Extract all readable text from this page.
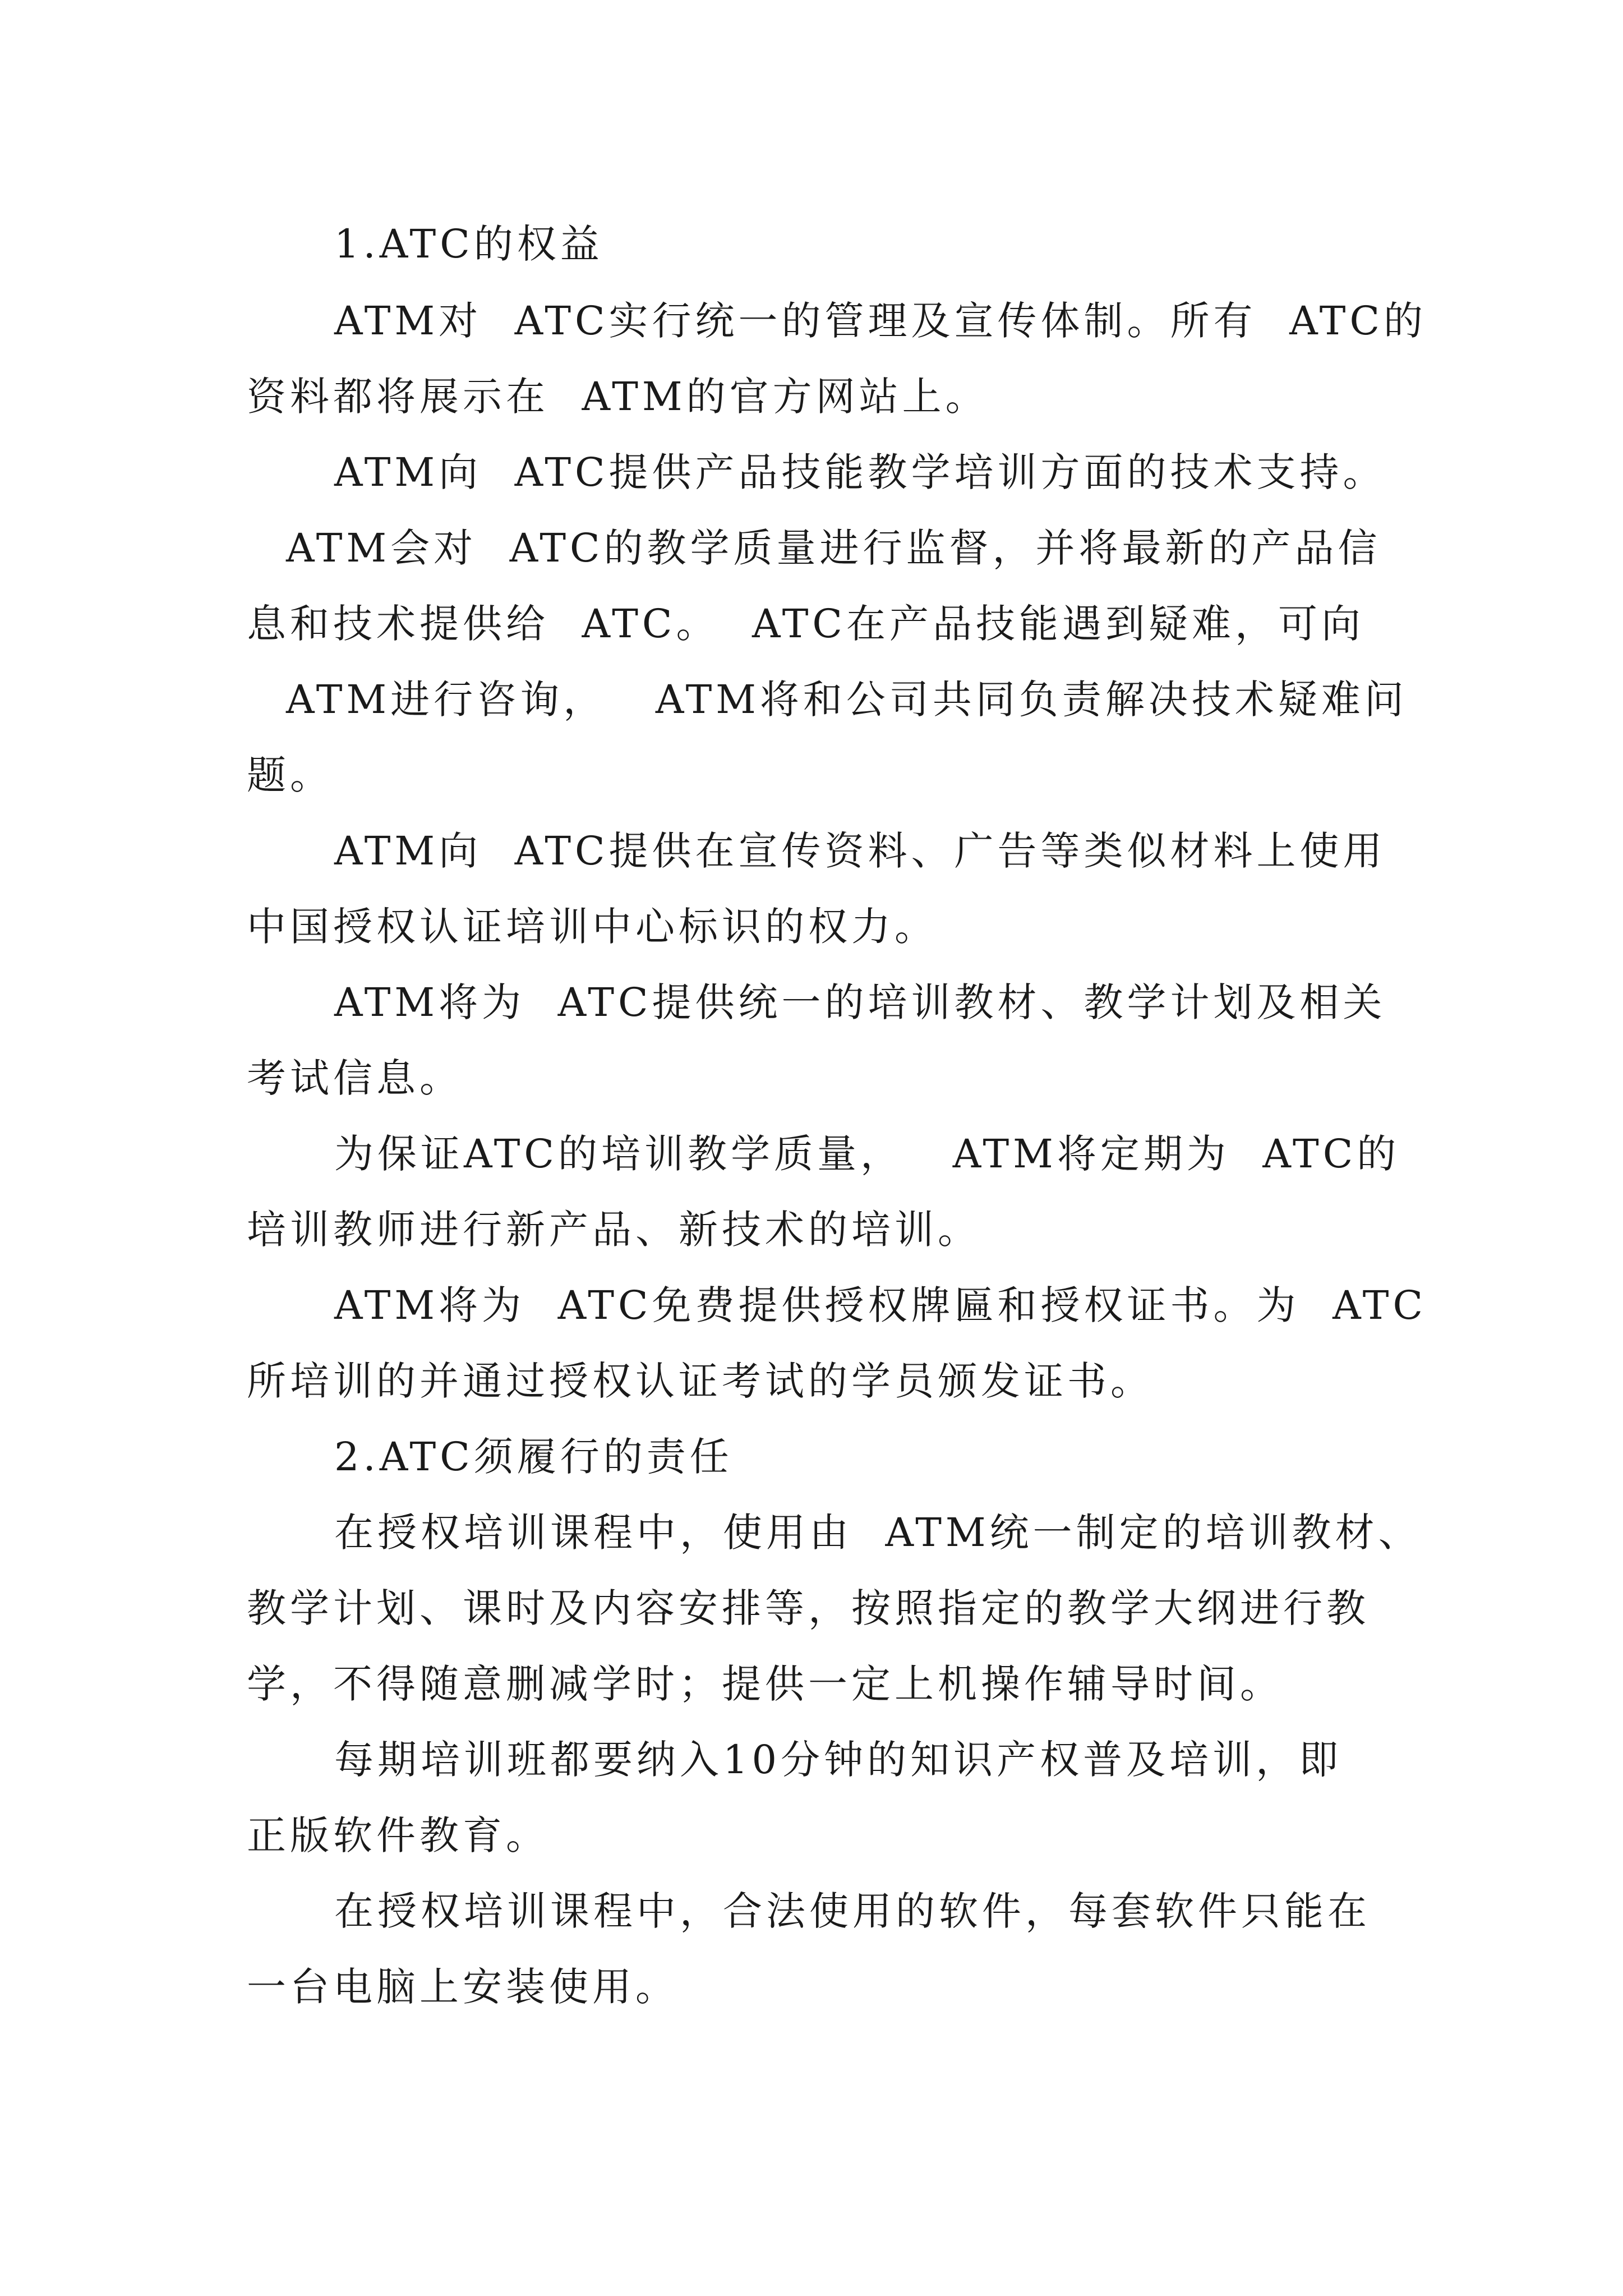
1.ATC的权益
ATM对  ATC实行统一的管理及宣传体制。所有  ATC的
资料都将展示在  ATM的官方网站上。
ATM向  ATC提供产品技能教学培训方面的技术支持。
ATM会对  ATC的教学质量进行监督，并将最新的产品信
息和技术提供给  ATC。  ATC在产品技能遇到疑难，可向
ATM进行咨询，   ATM将和公司共同负责解决技术疑难问
题。
ATM向  ATC提供在宣传资料、广告等类似材料上使用
中国授权认证培训中心标识的权力。
ATM将为  ATC提供统一的培训教材、教学计划及相关
考试信息。
为保证ATC的培训教学质量，   ATM将定期为  ATC的
培训教师进行新产品、新技术的培训。
ATM将为  ATC免费提供授权牌匾和授权证书。为  ATC
所培训的并通过授权认证考试的学员颁发证书。
2.ATC须履行的责任
在授权培训课程中，使用由  ATM统一制定的培训教材、
教学计划、课时及内容安排等，按照指定的教学大纲进行教
学，不得随意删减学时；提供一定上机操作辅导时间。
每期培训班都要纳入10分钟的知识产权普及培训，即
正版软件教育。
在授权培训课程中，合法使用的软件，每套软件只能在
一台电脑上安装使用。
